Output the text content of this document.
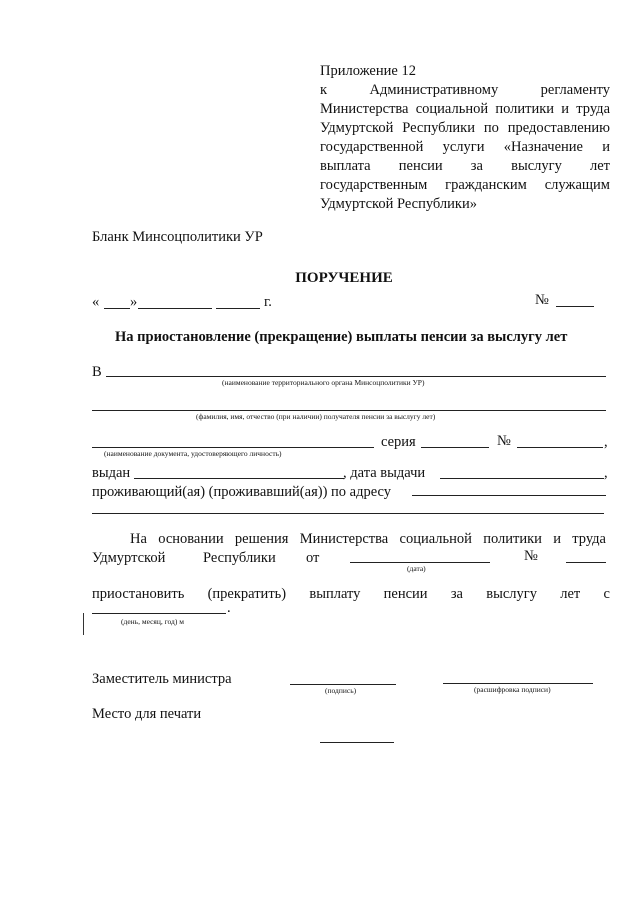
Приложение 12
к Административному регламенту
Министерства социальной политики и труда
Удмуртской Республики по предоставлению
государственной услуги «Назначение и
выплата пенсии за выслугу лет
государственным гражданским служащим
Удмуртской Республики»
Бланк Минсоцполитики УР
ПОРУЧЕНИЕ
« »	г.	№
На приостановление (прекращение) выплаты пенсии за выслугу лет
В
(наименование территориального органа Минсоцполитики УР)
(фамилия, имя, отчество (при наличии) получателя пенсии за выслугу лет)
(наименование документа, удостоверяющего личность)
серия	№	,
выдан	, дата выдачи	,
проживающий(ая) (проживавший(ая)) по адресу
На основании решения Министерства социальной политики и труда
Удмуртской	Республики от
(дата)
№
приостановить (прекратить) выплату пенсии за выслугу лет с
.
(день, месяц, год) м
Заместитель министра
(подпись)	(расшифровка подписи)
Место для печати
